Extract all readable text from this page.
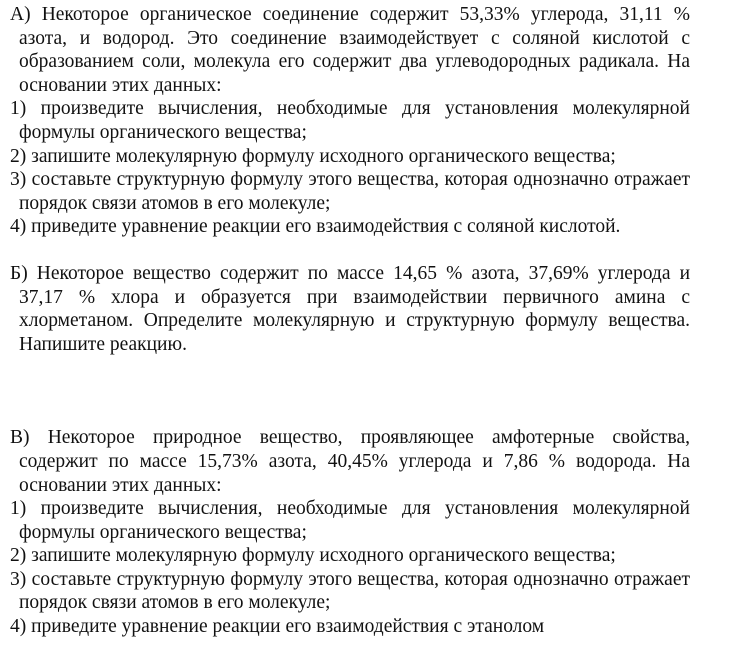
А) Некоторое органическое соединение содержит 53,33% углерода, 31,11 % азота, и водород. Это соединение взаимодействует с соляной кислотой с образованием соли, молекула его содержит два углеводородных радикала. На основании этих данных:

1) произведите вычисления, необходимые для установления молекулярной формулы органического вещества;

2) запишите молекулярную формулу исходного органического вещества;

3) составьте структурную формулу этого вещества, которая однозначно отражает порядок связи атомов в его молекуле;

4) приведите уравнение реакции его взаимодействия с соляной кислотой.

Б) Некоторое вещество содержит по массе 14,65 % азота, 37,69% углерода и 37,17 % хлора и образуется при взаимодействии первичного амина с хлорметаном. Определите молекулярную и структурную формулу вещества. Напишите реакцию.

В) Некоторое природное вещество, проявляющее амфотерные свойства, содержит по массе 15,73% азота, 40,45% углерода и 7,86 % водорода. На основании этих данных:

1) произведите вычисления, необходимые для установления молекулярной формулы органического вещества;

2) запишите молекулярную формулу исходного органического вещества;

3) составьте структурную формулу этого вещества, которая однозначно отражает порядок связи атомов в его молекуле;

4) приведите уравнение реакции его взаимодействия с этанолом
